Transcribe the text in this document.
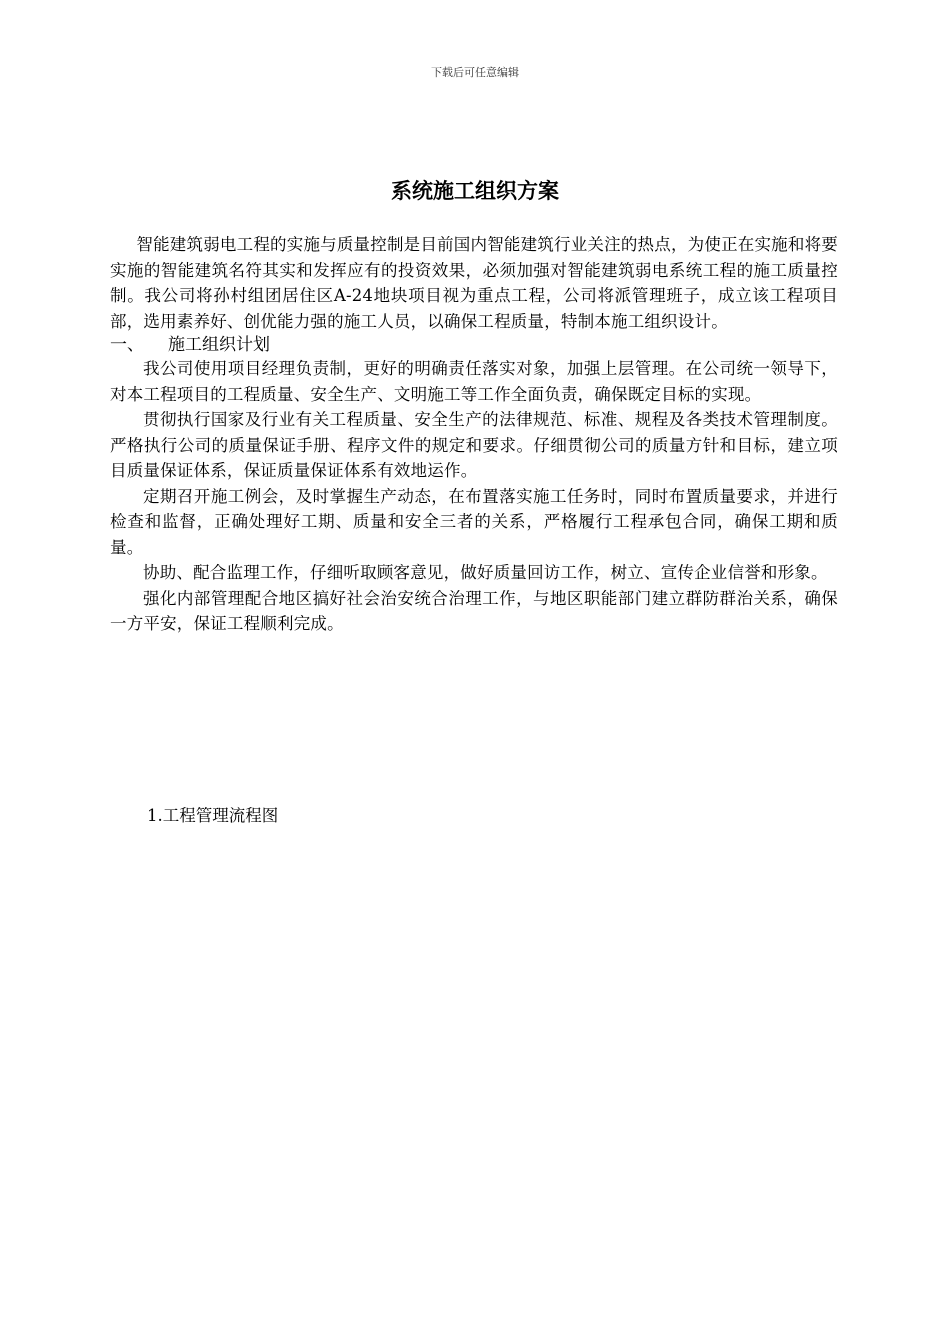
下载后可任意编辑
系统施工组织方案

智能建筑弱电工程的实施与质量控制是目前国内智能建筑行业关注的热点，为使正在实施和将要实施的智能建筑名符其实和发挥应有的投资效果，必须加强对智能建筑弱电系统工程的施工质量控制。我公司将孙村组团居住区A-24地块项目视为重点工程，公司将派管理班子，成立该工程项目部，选用素养好、创优能力强的施工人员，以确保工程质量，特制本施工组织设计。

一、 施工组织计划

我公司使用项目经理负责制，更好的明确责任落实对象，加强上层管理。在公司统一领导下，对本工程项目的工程质量、安全生产、文明施工等工作全面负责，确保既定目标的实现。

贯彻执行国家及行业有关工程质量、安全生产的法律规范、标准、规程及各类技术管理制度。严格执行公司的质量保证手册、程序文件的规定和要求。仔细贯彻公司的质量方针和目标，建立项目质量保证体系，保证质量保证体系有效地运作。

定期召开施工例会，及时掌握生产动态，在布置落实施工任务时，同时布置质量要求，并进行检查和监督，正确处理好工期、质量和安全三者的关系，严格履行工程承包合同，确保工期和质量。

协助、配合监理工作，仔细听取顾客意见，做好质量回访工作，树立、宣传企业信誉和形象。

强化内部管理配合地区搞好社会治安统合治理工作，与地区职能部门建立群防群治关系，确保一方平安，保证工程顺利完成。

1.工程管理流程图
